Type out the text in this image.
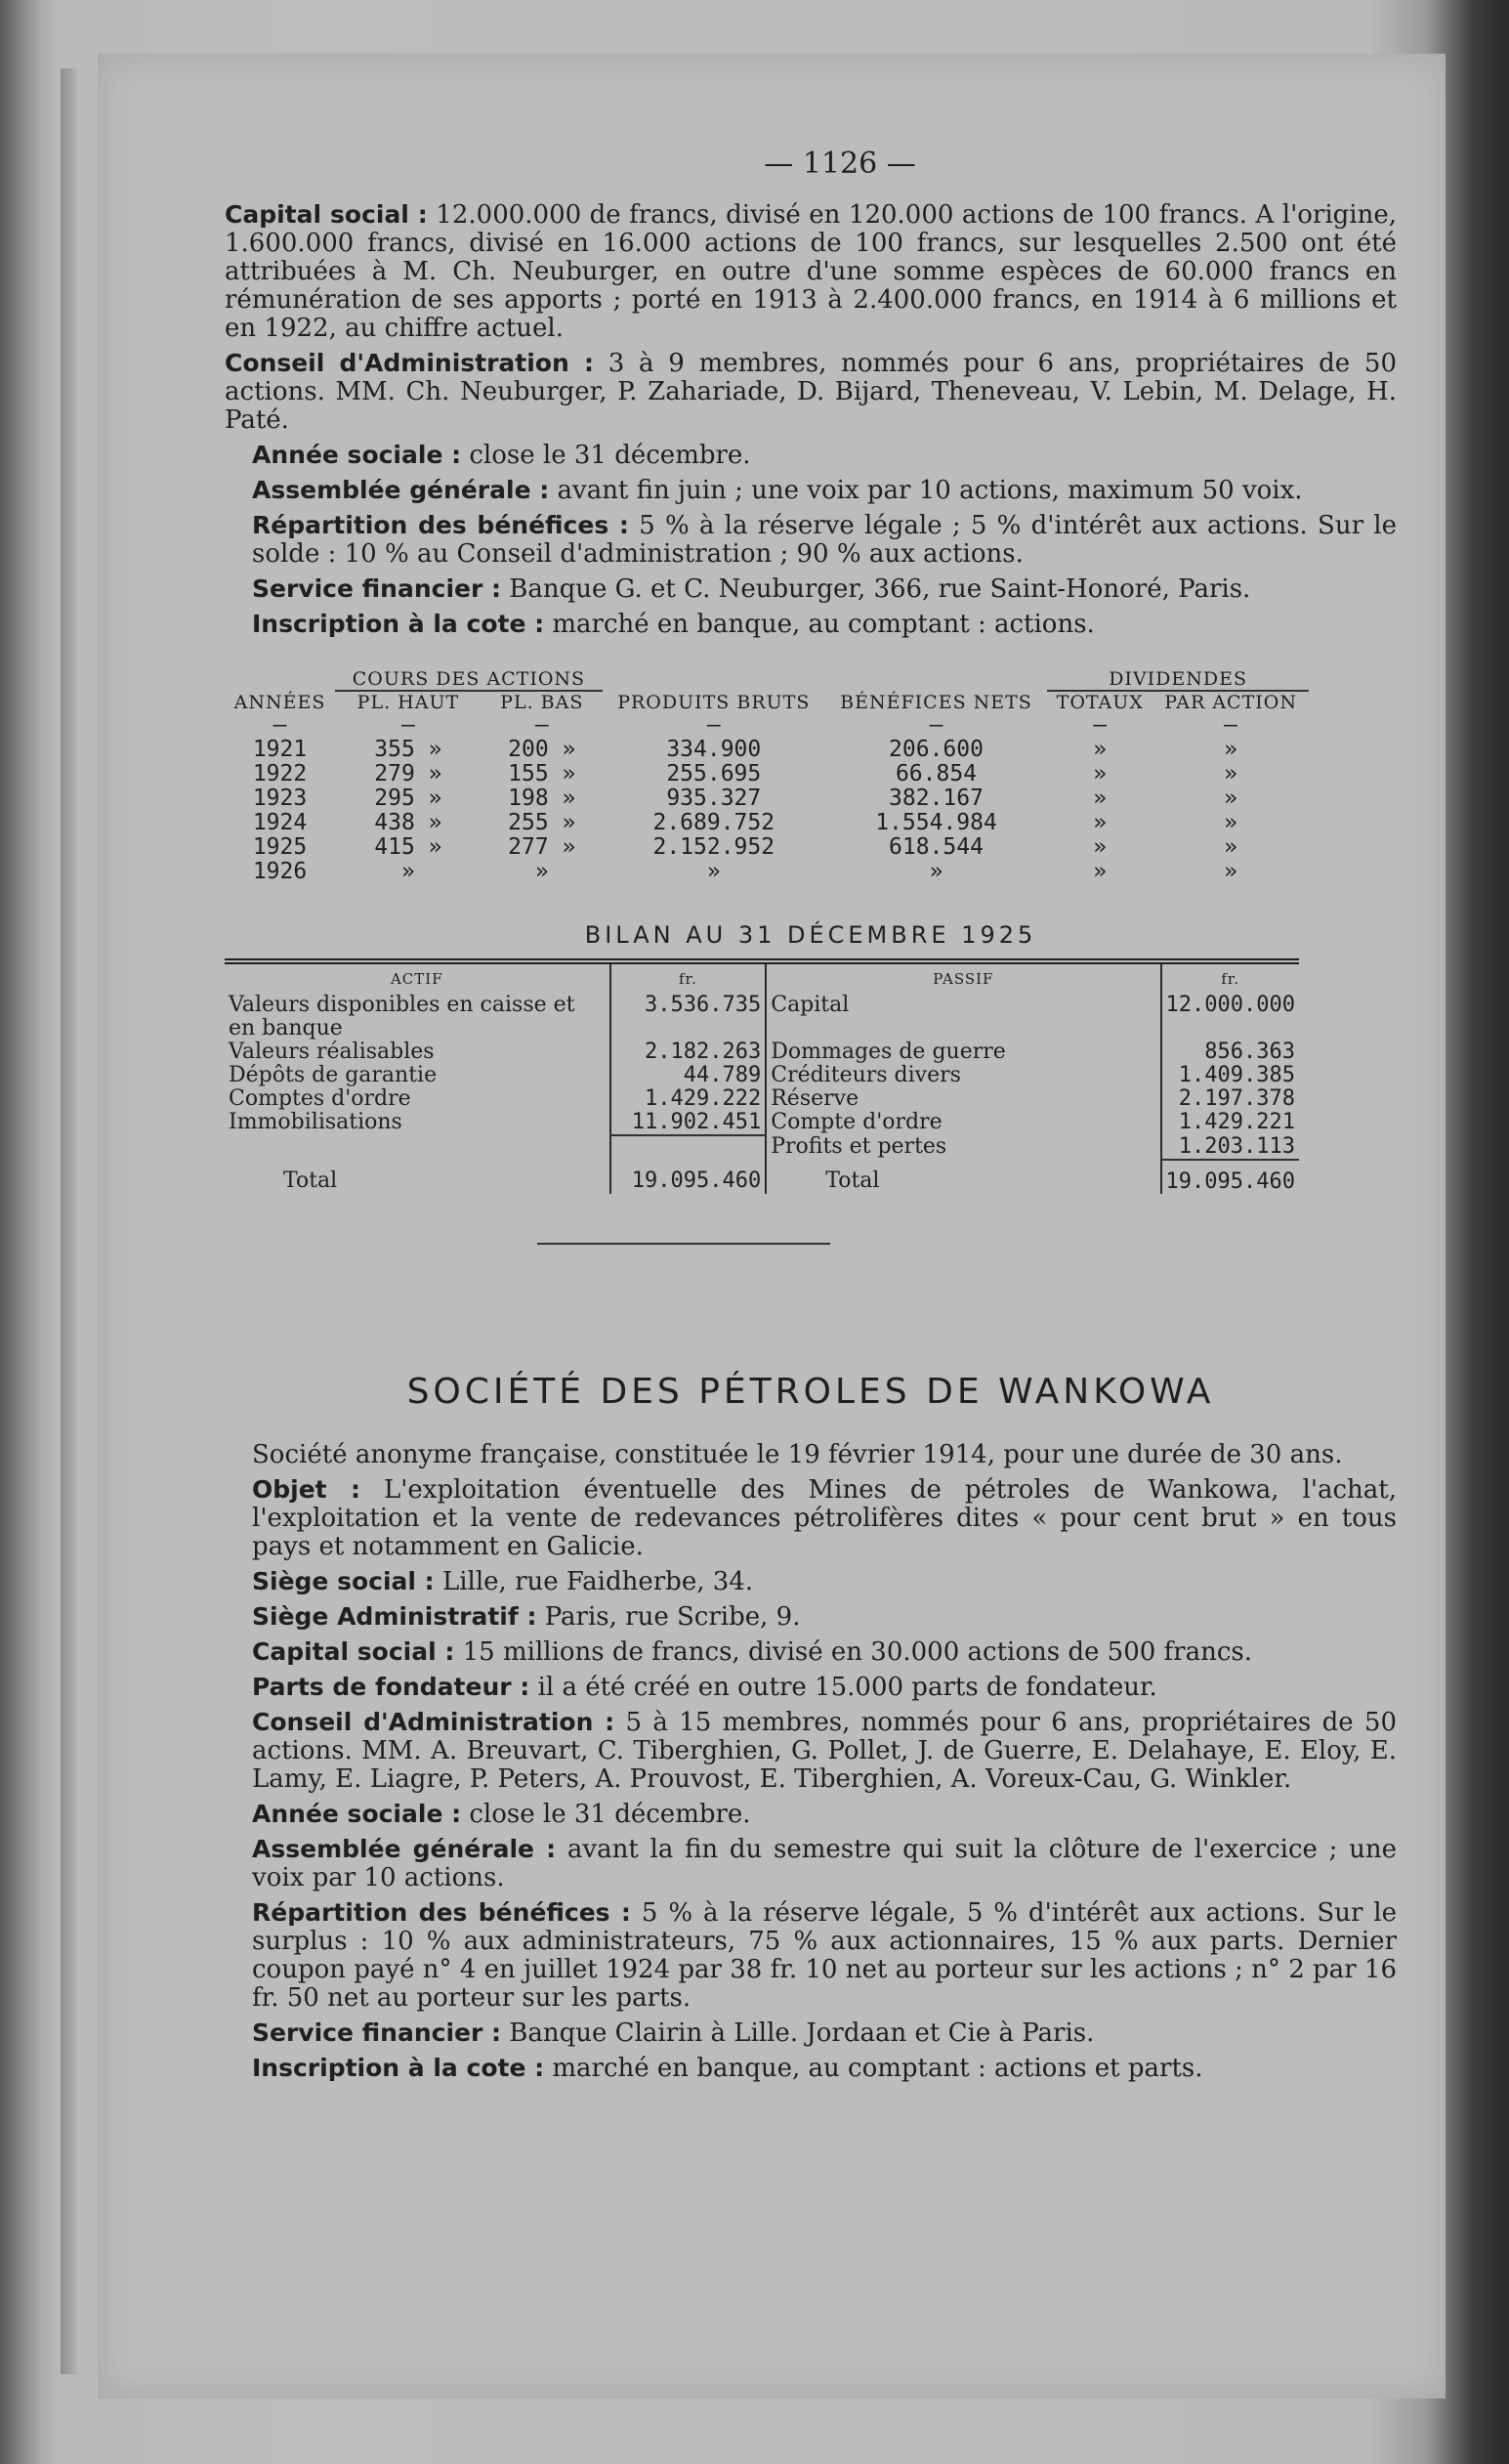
— 1126 —

Capital social : 12.000.000 de francs, divisé en 120.000 actions de 100 francs. A l'origine, 1.600.000 francs, divisé en 16.000 actions de 100 francs, sur lesquelles 2.500 ont été attribuées à M. Ch. Neuburger, en outre d'une somme espèces de 60.000 francs en rémunération de ses apports ; porté en 1913 à 2.400.000 francs, en 1914 à 6 millions et en 1922, au chiffre actuel.

Conseil d'Administration : 3 à 9 membres, nommés pour 6 ans, propriétaires de 50 actions. MM. Ch. Neuburger, P. Zahariade, D. Bijard, Theneveau, V. Lebin, M. Delage, H. Paté.

Année sociale : close le 31 décembre.

Assemblée générale : avant fin juin ; une voix par 10 actions, maximum 50 voix.

Répartition des bénéfices : 5 % à la réserve légale ; 5 % d'intérêt aux actions. Sur le solde : 10 % au Conseil d'administration ; 90 % aux actions.

Service financier : Banque G. et C. Neuburger, 366, rue Saint-Honoré, Paris.

Inscription à la cote : marché en banque, au comptant : actions.

	COURS DES ACTIONS				DIVIDENDES	
ANNÉES	PL. HAUT	PL. BAS	PRODUITS BRUTS	BÉNÉFICES NETS	TOTAUX	PAR ACTION
—	—	—	—	—	—	—
1921	355 »	200 »	334.900	206.600	»	»
1922	279 »	155 »	255.695	66.854	»	»
1923	295 »	198 »	935.327	382.167	»	»
1924	438 »	255 »	2.689.752	1.554.984	»	»
1925	415 »	277 »	2.152.952	618.544	»	»
1926	»	»	»	»	»	»
BILAN AU 31 DÉCEMBRE 1925
ACTIF	fr.	PASSIF	fr.
Valeurs disponibles en caisse et en banque	3.536.735	Capital	12.000.000
Valeurs réalisables	2.182.263	Dommages de guerre	856.363
Dépôts de garantie	44.789	Créditeurs divers	1.409.385
Comptes d'ordre	1.429.222	Réserve	2.197.378
Immobilisations	11.902.451	Compte d'ordre	1.429.221
		Profits et pertes	1.203.113
Total	19.095.460	Total	19.095.460
SOCIÉTÉ DES PÉTROLES DE WANKOWA

Société anonyme française, constituée le 19 février 1914, pour une durée de 30 ans.

Objet : L'exploitation éventuelle des Mines de pétroles de Wankowa, l'achat, l'exploitation et la vente de redevances pétrolifères dites « pour cent brut » en tous pays et notamment en Galicie.

Siège social : Lille, rue Faidherbe, 34.

Siège Administratif : Paris, rue Scribe, 9.

Capital social : 15 millions de francs, divisé en 30.000 actions de 500 francs.

Parts de fondateur : il a été créé en outre 15.000 parts de fondateur.

Conseil d'Administration : 5 à 15 membres, nommés pour 6 ans, propriétaires de 50 actions. MM. A. Breuvart, C. Tiberghien, G. Pollet, J. de Guerre, E. Delahaye, E. Eloy, E. Lamy, E. Liagre, P. Peters, A. Prouvost, E. Tiberghien, A. Voreux-Cau, G. Winkler.

Année sociale : close le 31 décembre.

Assemblée générale : avant la fin du semestre qui suit la clôture de l'exercice ; une voix par 10 actions.

Répartition des bénéfices : 5 % à la réserve légale, 5 % d'intérêt aux actions. Sur le surplus : 10 % aux administrateurs, 75 % aux actionnaires, 15 % aux parts. Dernier coupon payé n° 4 en juillet 1924 par 38 fr. 10 net au porteur sur les actions ; n° 2 par 16 fr. 50 net au porteur sur les parts.

Service financier : Banque Clairin à Lille. Jordaan et Cie à Paris.

Inscription à la cote : marché en banque, au comptant : actions et parts.
